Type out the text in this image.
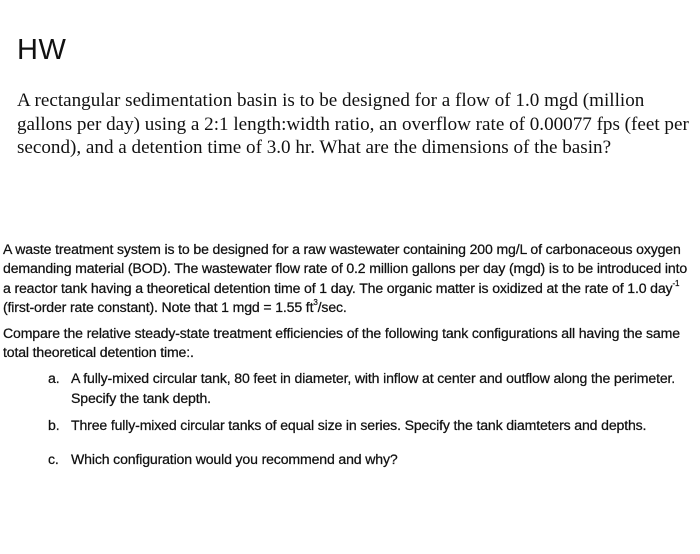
HW

A rectangular sedimentation basin is to be designed for a flow of 1.0 mgd (million gallons per day) using a 2:1 length:width ratio, an overflow rate of 0.00077 fps (feet per second), and a detention time of 3.0 hr. What are the dimensions of the basin?

A waste treatment system is to be designed for a raw wastewater containing 200 mg/L of carbonaceous oxygen demanding material (BOD). The wastewater flow rate of 0.2 million gallons per day (mgd) is to be introduced into a reactor tank having a theoretical detention time of 1 day. The organic matter is oxidized at the rate of 1.0 day$^{-1}$ (first-order rate constant). Note that 1 mgd = 1.55 $ft^3/\sec$.

Compare the relative steady-state treatment efficiencies of the following tank configurations all having the same total theoretical detention time:.

a. A fully-mixed circular tank, 80 feet in diameter, with inflow at center and outflow along the perimeter. Specify the tank depth.
b. Three fully-mixed circular tanks of equal size in series. Specify the tank diamteters and depths.
c. Which configuration would you recommend and why?
